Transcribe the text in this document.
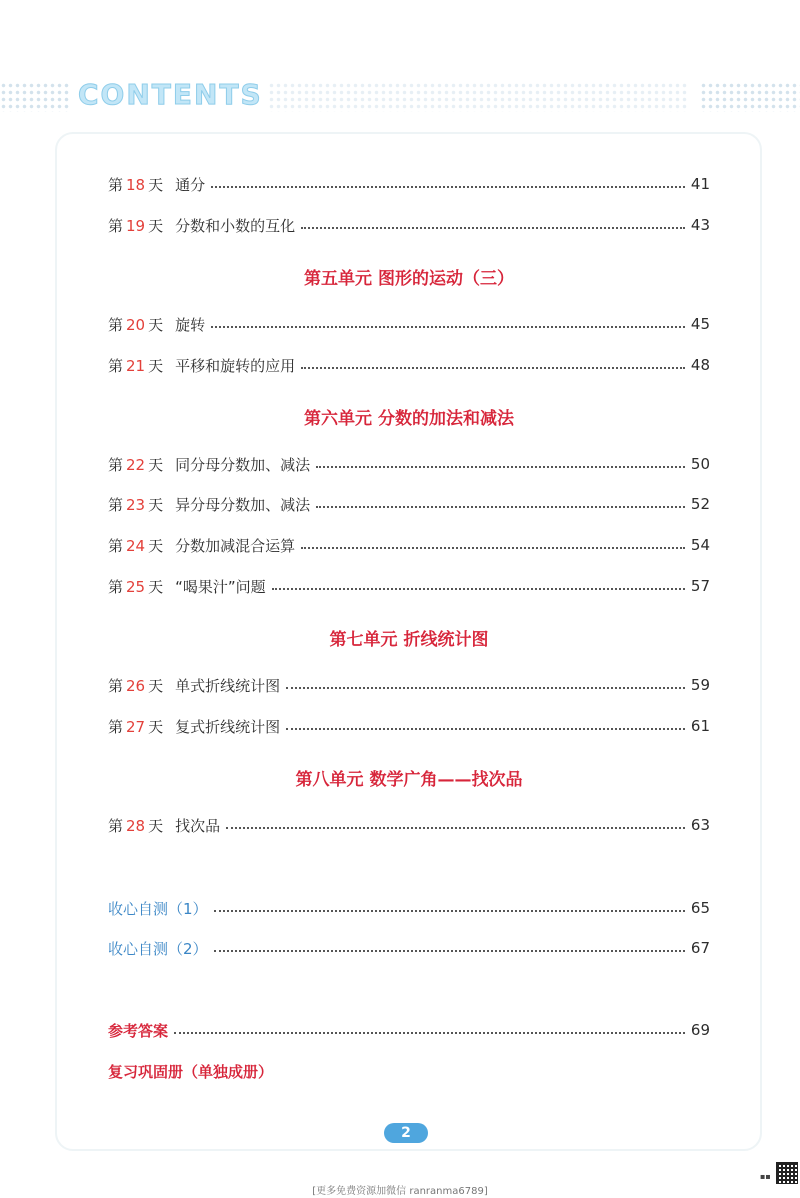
CONTENTS
第 18 天 通分	41
第 19 天 分数和小数的互化	43
第五单元 图形的运动（三）
第 20 天 旋转	45
第 21 天 平移和旋转的应用	48
第六单元 分数的加法和减法
第 22 天 同分母分数加、减法	50
第 23 天 异分母分数加、减法	52
第 24 天 分数加减混合运算	54
第 25 天 “喝果汁”问题	57
第七单元 折线统计图
第 26 天 单式折线统计图	59
第 27 天 复式折线统计图	61
第八单元 数学广角——找次品
第 28 天 找次品	63
收心自测（1）	65
收心自测（2）	67
参考答案	69
复习巩固册（单独成册）
2
▪▪
[更多免费资源加微信 ranranma6789]
